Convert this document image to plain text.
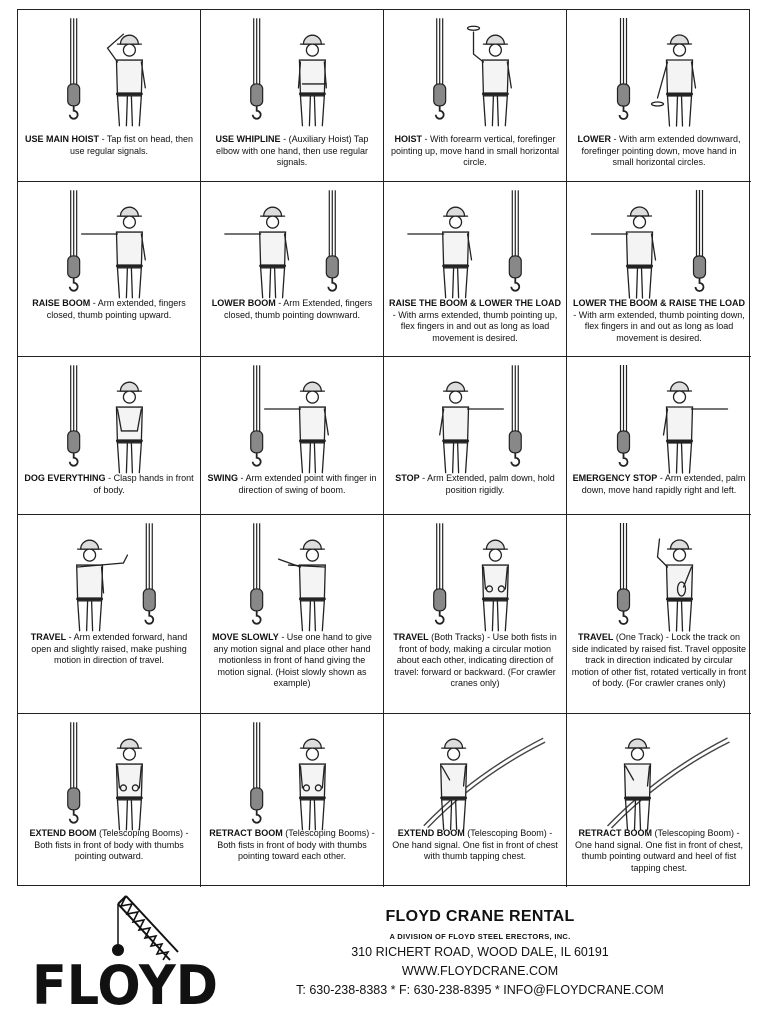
USE MAIN HOIST - Tap fist on head, then use regular signals.
USE WHIPLINE - (Auxiliary Hoist) Tap elbow with one hand, then use regular signals.
HOIST - With forearm vertical, forefinger pointing up, move hand in small horizontal circle.
LOWER - With arm extended downward, forefinger pointing down, move hand in small horizontal circles.
RAISE BOOM - Arm extended, fingers closed, thumb pointing upward.
LOWER BOOM - Arm Extended, fingers closed, thumb pointing downward.
RAISE THE BOOM & LOWER THE LOAD - With arms extended, thumb pointing up, flex fingers in and out as long as load movement is desired.
LOWER THE BOOM & RAISE THE LOAD - With arm extended, thumb pointing down, flex fingers in and out as long as load movement is desired.
DOG EVERYTHING - Clasp hands in front of body.
SWING - Arm extended point with finger in direction of swing of boom.
STOP - Arm Extended, palm down, hold position rigidly.
EMERGENCY STOP - Arm extended, palm down, move hand rapidly right and left.
TRAVEL - Arm extended forward, hand open and slightly raised, make pushing motion in direction of travel.
MOVE SLOWLY - Use one hand to give any motion signal and place other hand motionless in front of hand giving the motion signal. (Hoist slowly shown as example)
TRAVEL (Both Tracks) - Use both fists in front of body, making a circular motion about each other, indicating direction of travel: forward or backward. (For crawler cranes only)
TRAVEL (One Track) - Lock the track on side indicated by raised fist. Travel opposite track in direction indicated by circular motion of other fist, rotated vertically in front of body. (For crawler cranes only)
EXTEND BOOM (Telescoping Booms) - Both fists in front of body with thumbs pointing outward.
RETRACT BOOM (Telescoping Booms) - Both fists in front of body with thumbs pointing toward each other.
EXTEND BOOM (Telescoping Boom) - One hand signal. One fist in front of chest with thumb tapping chest.
RETRACT BOOM (Telescoping Boom) - One hand signal. One fist in front of chest, thumb pointing outward and heel of fist tapping chest.
FLOYD
FLOYD CRANE RENTAL
A DIVISION OF FLOYD STEEL ERECTORS, INC.
310 RICHERT ROAD, WOOD DALE, IL 60191
WWW.FLOYDCRANE.COM
T: 630-238-8383 * F: 630-238-8395 * INFO@FLOYDCRANE.COM
